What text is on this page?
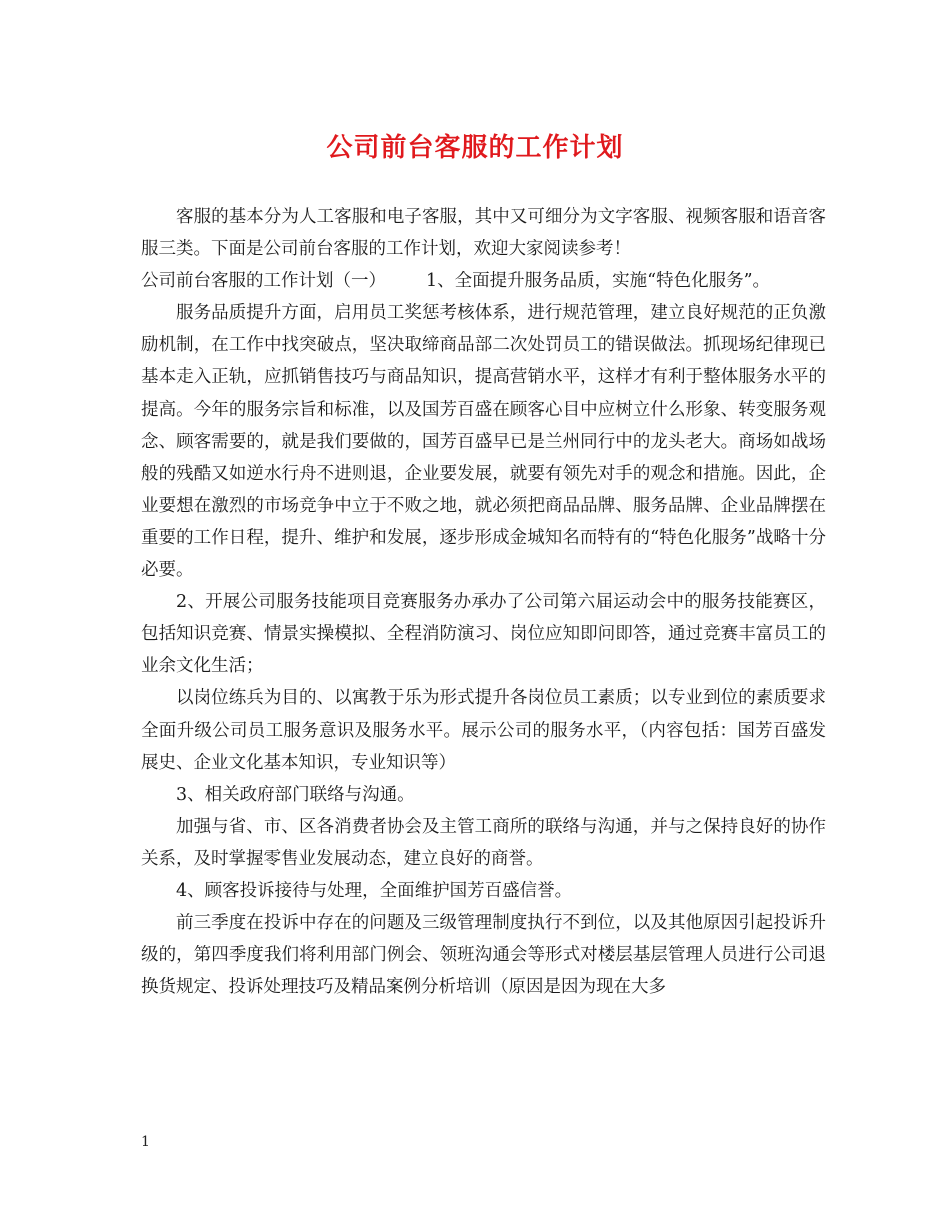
公司前台客服的工作计划

客服的基本分为人工客服和电子客服，其中又可细分为文字客服、视频客服和语音客服三类。下面是公司前台客服的工作计划，欢迎大家阅读参考！

公司前台客服的工作计划（一） 1、全面提升服务品质，实施“特色化服务”。

服务品质提升方面，启用员工奖惩考核体系，进行规范管理，建立良好规范的正负激励机制，在工作中找突破点，坚决取缔商品部二次处罚员工的错误做法。抓现场纪律现已基本走入正轨，应抓销售技巧与商品知识，提高营销水平，这样才有利于整体服务水平的提高。今年的服务宗旨和标准，以及国芳百盛在顾客心目中应树立什么形象、转变服务观念、顾客需要的，就是我们要做的，国芳百盛早已是兰州同行中的龙头老大。商场如战场般的残酷又如逆水行舟不进则退，企业要发展，就要有领先对手的观念和措施。因此，企业要想在激烈的市场竞争中立于不败之地，就必须把商品品牌、服务品牌、企业品牌摆在重要的工作日程，提升、维护和发展，逐步形成金城知名而特有的“特色化服务”战略十分必要。

2、开展公司服务技能项目竞赛服务办承办了公司第六届运动会中的服务技能赛区，包括知识竞赛、情景实操模拟、全程消防演习、岗位应知即问即答，通过竞赛丰富员工的业余文化生活；

以岗位练兵为目的、以寓教于乐为形式提升各岗位员工素质；以专业到位的素质要求全面升级公司员工服务意识及服务水平。展示公司的服务水平，（内容包括：国芳百盛发展史、企业文化基本知识，专业知识等）

3、相关政府部门联络与沟通。

加强与省、市、区各消费者协会及主管工商所的联络与沟通，并与之保持良好的协作关系，及时掌握零售业发展动态，建立良好的商誉。

4、顾客投诉接待与处理，全面维护国芳百盛信誉。

前三季度在投诉中存在的问题及三级管理制度执行不到位，以及其他原因引起投诉升级的，第四季度我们将利用部门例会、领班沟通会等形式对楼层基层管理人员进行公司退换货规定、投诉处理技巧及精品案例分析培训（原因是因为现在大多

1
